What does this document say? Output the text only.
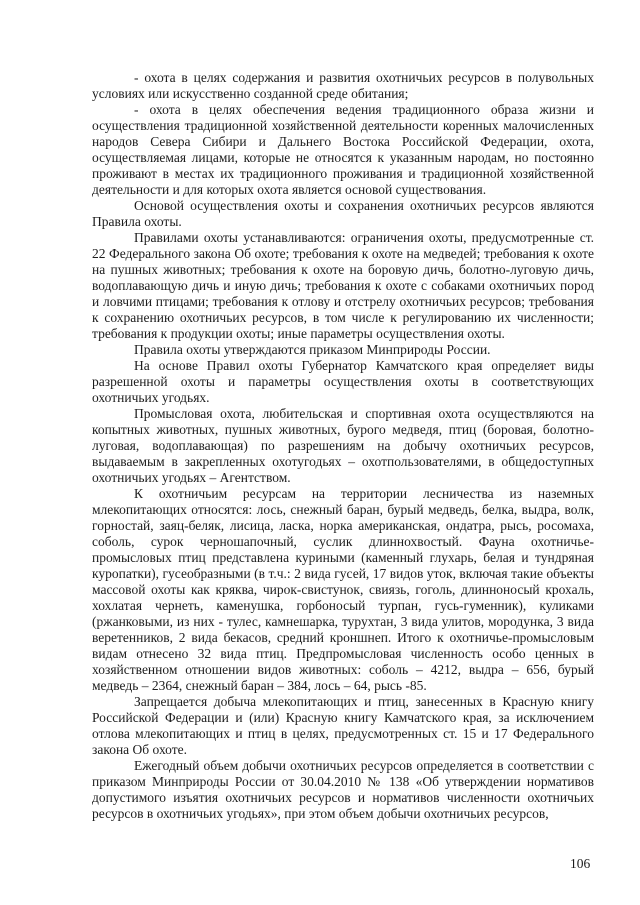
- охота в целях содержания и развития охотничьих ресурсов в полувольных условиях или искусственно созданной среде обитания;

- охота в целях обеспечения ведения традиционного образа жизни и осуществления традиционной хозяйственной деятельности коренных малочисленных народов Севера Сибири и Дальнего Востока Российской Федерации, охота, осуществляемая лицами, которые не относятся к указанным народам, но постоянно проживают в местах их традиционного проживания и традиционной хозяйственной деятельности и для которых охота является основой существования.

Основой осуществления охоты и сохранения охотничьих ресурсов являются Правила охоты.

Правилами охоты устанавливаются: ограничения охоты, предусмотренные ст. 22 Федерального закона Об охоте; требования к охоте на медведей; требования к охоте на пушных животных; требования к охоте на боровую дичь, болотно-луговую дичь, водоплавающую дичь и иную дичь; требования к охоте с собаками охотничьих пород и ловчими птицами; требования к отлову и отстрелу охотничьих ресурсов; требования к сохранению охотничьих ресурсов, в том числе к регулированию их численности; требования к продукции охоты; иные параметры осуществления охоты.

Правила охоты утверждаются приказом Минприроды России.

На основе Правил охоты Губернатор Камчатского края определяет виды разрешенной охоты и параметры осуществления охоты в соответствующих охотничьих угодьях.

Промысловая охота, любительская и спортивная охота осуществляются на копытных животных, пушных животных, бурого медведя, птиц (боровая, болотно-луговая, водоплавающая) по разрешениям на добычу охотничьих ресурсов, выдаваемым в закрепленных охотугодьях – охотпользователями, в общедоступных охотничьих угодьях – Агентством.

К охотничьим ресурсам на территории лесничества из наземных млекопитающих относятся: лось, снежный баран, бурый медведь, белка, выдра, волк, горностай, заяц-беляк, лисица, ласка, норка американская, ондатра, рысь, росомаха, соболь, сурок черношапочный, суслик длиннохвостый. Фауна охотничье-промысловых птиц представлена куриными (каменный глухарь, белая и тундряная куропатки), гусеобразными (в т.ч.: 2 вида гусей, 17 видов уток, включая такие объекты массовой охоты как кряква, чирок-свистунок, свиязь, гоголь, длинноносый крохаль, хохлатая чернеть, каменушка, горбоносый турпан, гусь-гуменник), куликами (ржанковыми, из них - тулес, камнешарка, турухтан, 3 вида улитов, мородунка, 3 вида веретенников, 2 вида бекасов, средний кроншнеп. Итого к охотничье-промысловым видам отнесено 32 вида птиц. Предпромысловая численность особо ценных в хозяйственном отношении видов животных: соболь – 4212, выдра – 656, бурый медведь – 2364, снежный баран – 384, лось – 64, рысь -85.

Запрещается добыча млекопитающих и птиц, занесенных в Красную книгу Российской Федерации и (или) Красную книгу Камчатского края, за исключением отлова млекопитающих и птиц в целях, предусмотренных ст. 15 и 17 Федерального закона Об охоте.

Ежегодный объем добычи охотничьих ресурсов определяется в соответствии с приказом Минприроды России от 30.04.2010 № 138 «Об утверждении нормативов допустимого изъятия охотничьих ресурсов и нормативов численности охотничьих ресурсов в охотничьих угодьях», при этом объем добычи охотничьих ресурсов,

106
